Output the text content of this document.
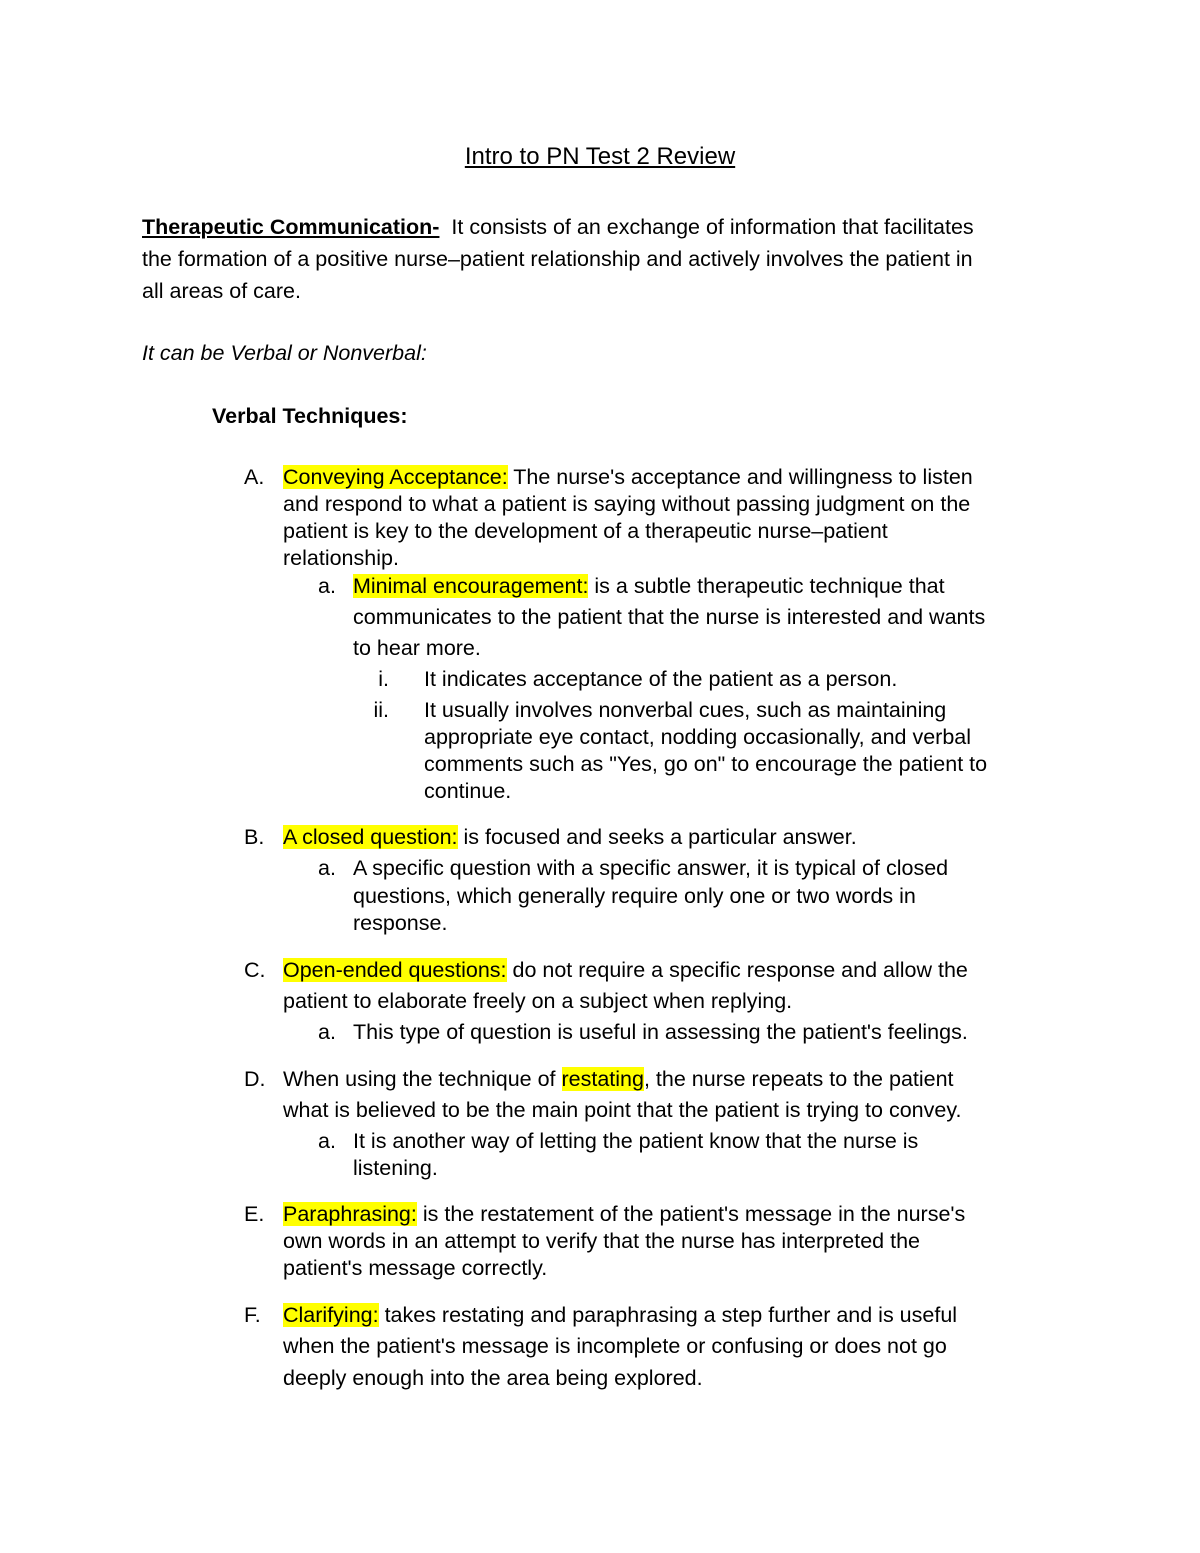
Intro to PN Test 2 Review
Therapeutic Communication- It consists of an exchange of information that facilitates
the formation of a positive nurse–patient relationship and actively involves the patient in
all areas of care.
It can be Verbal or Nonverbal:
Verbal Techniques:
A. Conveying Acceptance: The nurse's acceptance and willingness to listen
and respond to what a patient is saying without passing judgment on the
patient is key to the development of a therapeutic nurse–patient
relationship.
a. Minimal encouragement: is a subtle therapeutic technique that
communicates to the patient that the nurse is interested and wants
to hear more.
i. It indicates acceptance of the patient as a person.
ii. It usually involves nonverbal cues, such as maintaining
appropriate eye contact, nodding occasionally, and verbal
comments such as "Yes, go on" to encourage the patient to
continue.
B. A closed question: is focused and seeks a particular answer.
a. A specific question with a specific answer, it is typical of closed
questions, which generally require only one or two words in
response.
C. Open-ended questions: do not require a specific response and allow the
patient to elaborate freely on a subject when replying.
a. This type of question is useful in assessing the patient's feelings.
D. When using the technique of restating, the nurse repeats to the patient
what is believed to be the main point that the patient is trying to convey.
a. It is another way of letting the patient know that the nurse is
listening.
E. Paraphrasing: is the restatement of the patient's message in the nurse's
own words in an attempt to verify that the nurse has interpreted the
patient's message correctly.
F. Clarifying: takes restating and paraphrasing a step further and is useful
when the patient's message is incomplete or confusing or does not go
deeply enough into the area being explored.
